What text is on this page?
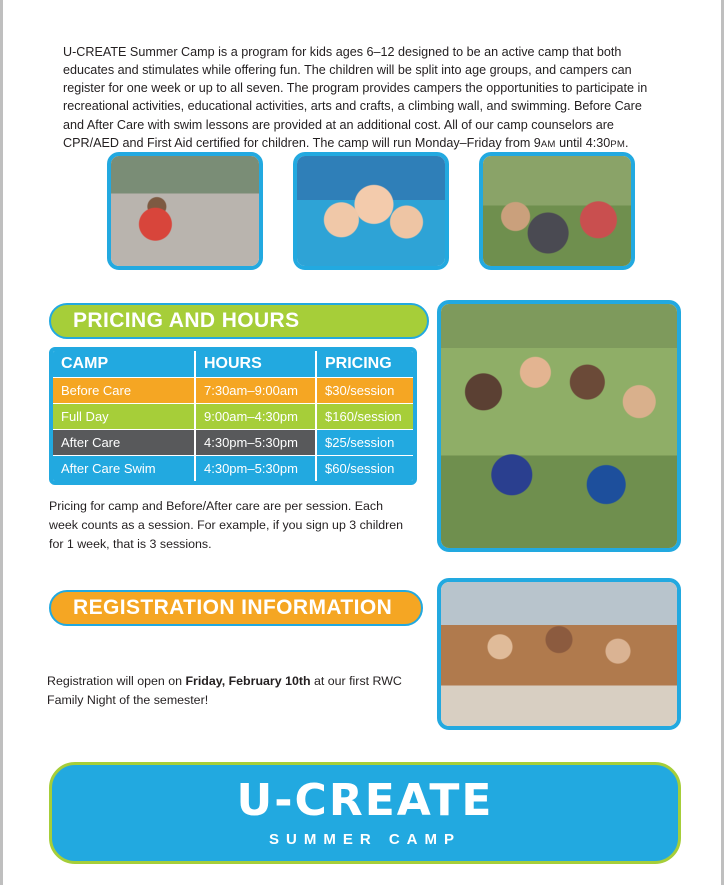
U-CREATE Summer Camp is a program for kids ages 6–12 designed to be an active camp that both educates and stimulates while offering fun. The children will be split into age groups, and campers can register for one week or up to all seven. The program provides campers the opportunities to participate in recreational activities, educational activities, arts and crafts, a climbing wall, and swimming. Before Care and After Care with swim lessons are provided at an additional cost. All of our camp counselors are CPR/AED and First Aid certified for children. The camp will run Monday–Friday from 9AM until 4:30PM.

PRICING AND HOURS
CAMP	HOURS	PRICING
Before Care	7:30am–9:00am	$30/session
Full Day	9:00am–4:30pm	$160/session
After Care	4:30pm–5:30pm	$25/session
After Care Swim	4:30pm–5:30pm	$60/session

Pricing for camp and Before/After care are per session. Each week counts as a session. For example, if you sign up 3 children for 1 week, that is 3 sessions.

REGISTRATION INFORMATION

Registration will open on Friday, February 10th at our first RWC Family Night of the semester!

U-CREATE
SUMMER CAMP
